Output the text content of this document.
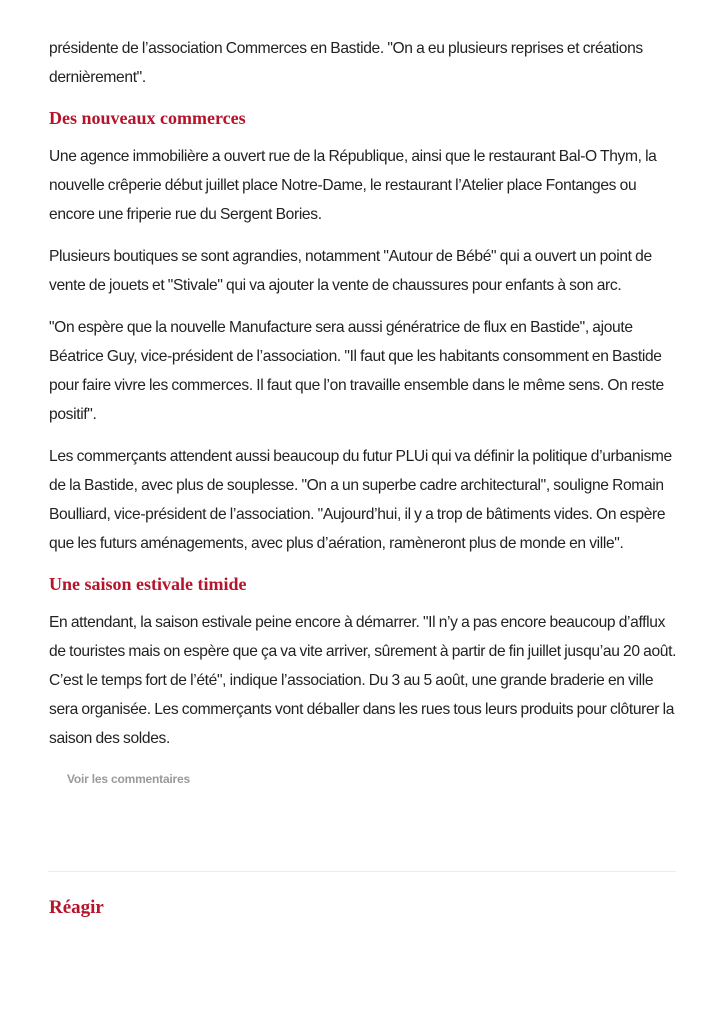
présidente de l’association Commerces en Bastide. "On a eu plusieurs reprises et créations dernièrement".

Des nouveaux commerces

Une agence immobilière a ouvert rue de la République, ainsi que le restaurant Bal-O Thym, la nouvelle crêperie début juillet place Notre-Dame, le restaurant l’Atelier place Fontanges ou encore une friperie rue du Sergent Bories.

Plusieurs boutiques se sont agrandies, notamment "Autour de Bébé" qui a ouvert un point de vente de jouets et "Stivale" qui va ajouter la vente de chaussures pour enfants à son arc.

"On espère que la nouvelle Manufacture sera aussi génératrice de flux en Bastide", ajoute Béatrice Guy, vice-président de l’association. "Il faut que les habitants consomment en Bastide pour faire vivre les commerces. Il faut que l’on travaille ensemble dans le même sens. On reste positif".

Les commerçants attendent aussi beaucoup du futur PLUi qui va définir la politique d’urbanisme de la Bastide, avec plus de souplesse. "On a un superbe cadre architectural", souligne Romain Boulliard, vice-président de l’association. "Aujourd’hui, il y a trop de bâtiments vides. On espère que les futurs aménagements, avec plus d’aération, ramèneront plus de monde en ville".

Une saison estivale timide

En attendant, la saison estivale peine encore à démarrer. "Il n’y a pas encore beaucoup d’afflux de touristes mais on espère que ça va vite arriver, sûrement à partir de fin juillet jusqu’au 20 août. C’est le temps fort de l’été", indique l’association. Du 3 au 5 août, une grande braderie en ville sera organisée. Les commerçants vont déballer dans les rues tous leurs produits pour clôturer la saison des soldes.

Voir les commentaires
Réagir
